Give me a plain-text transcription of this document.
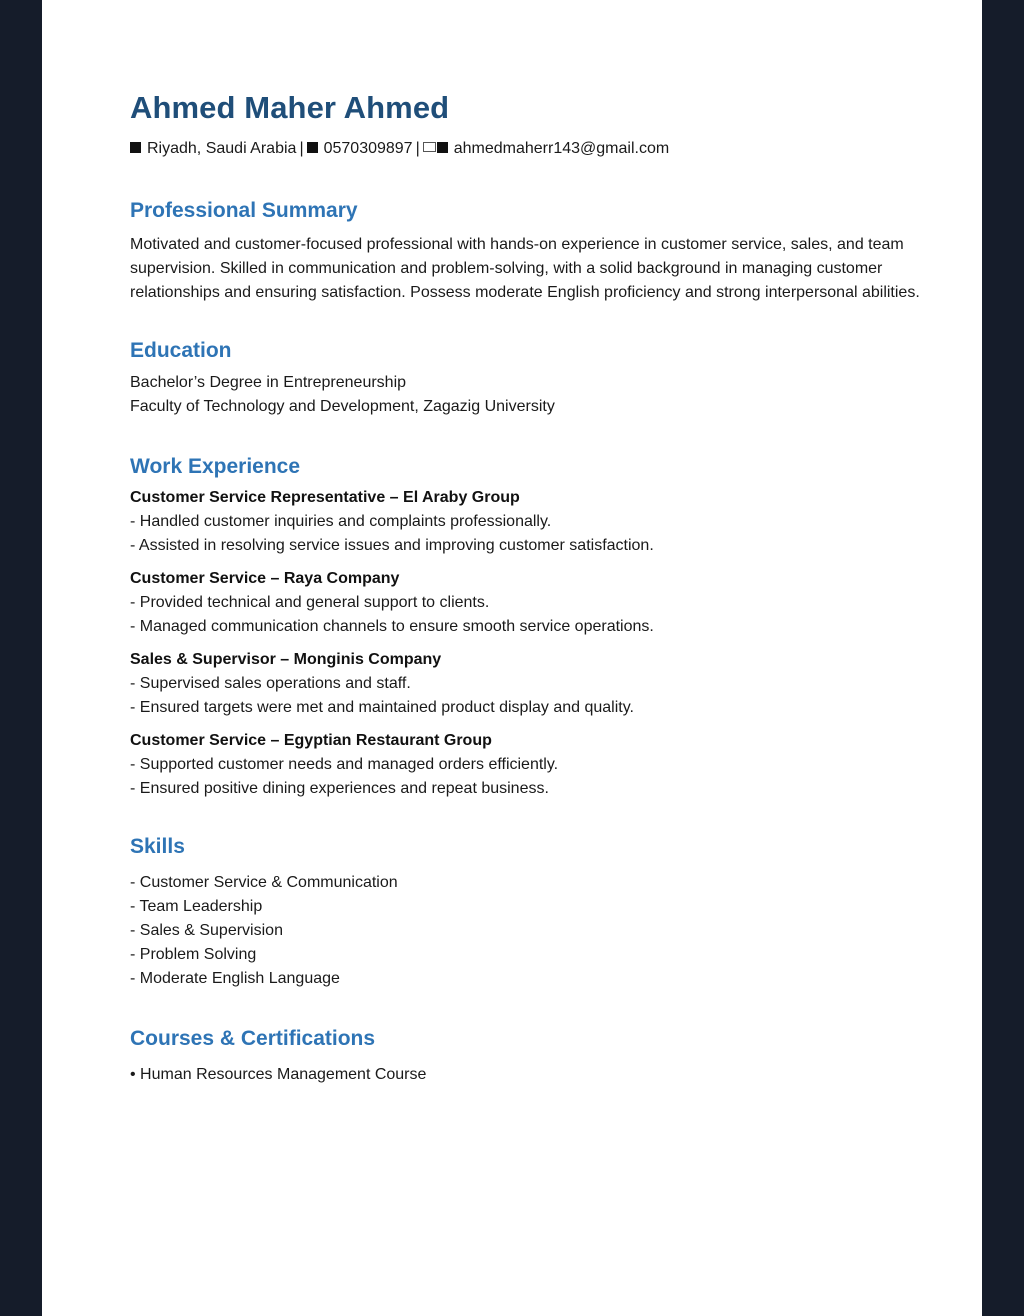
Ahmed Maher Ahmed
Riyadh, Saudi Arabia | 0570309897 | ahmedmaherr143@gmail.com
Professional Summary
Motivated and customer-focused professional with hands-on experience in customer service, sales, and team supervision. Skilled in communication and problem-solving, with a solid background in managing customer relationships and ensuring satisfaction. Possess moderate English proficiency and strong interpersonal abilities.
Education
Bachelor’s Degree in Entrepreneurship
Faculty of Technology and Development, Zagazig University
Work Experience
Customer Service Representative – El Araby Group
- Handled customer inquiries and complaints professionally.
- Assisted in resolving service issues and improving customer satisfaction.
Customer Service – Raya Company
- Provided technical and general support to clients.
- Managed communication channels to ensure smooth service operations.
Sales & Supervisor – Monginis Company
- Supervised sales operations and staff.
- Ensured targets were met and maintained product display and quality.
Customer Service – Egyptian Restaurant Group
- Supported customer needs and managed orders efficiently.
- Ensured positive dining experiences and repeat business.
Skills
- Customer Service & Communication
- Team Leadership
- Sales & Supervision
- Problem Solving
- Moderate English Language
Courses & Certifications
• Human Resources Management Course
